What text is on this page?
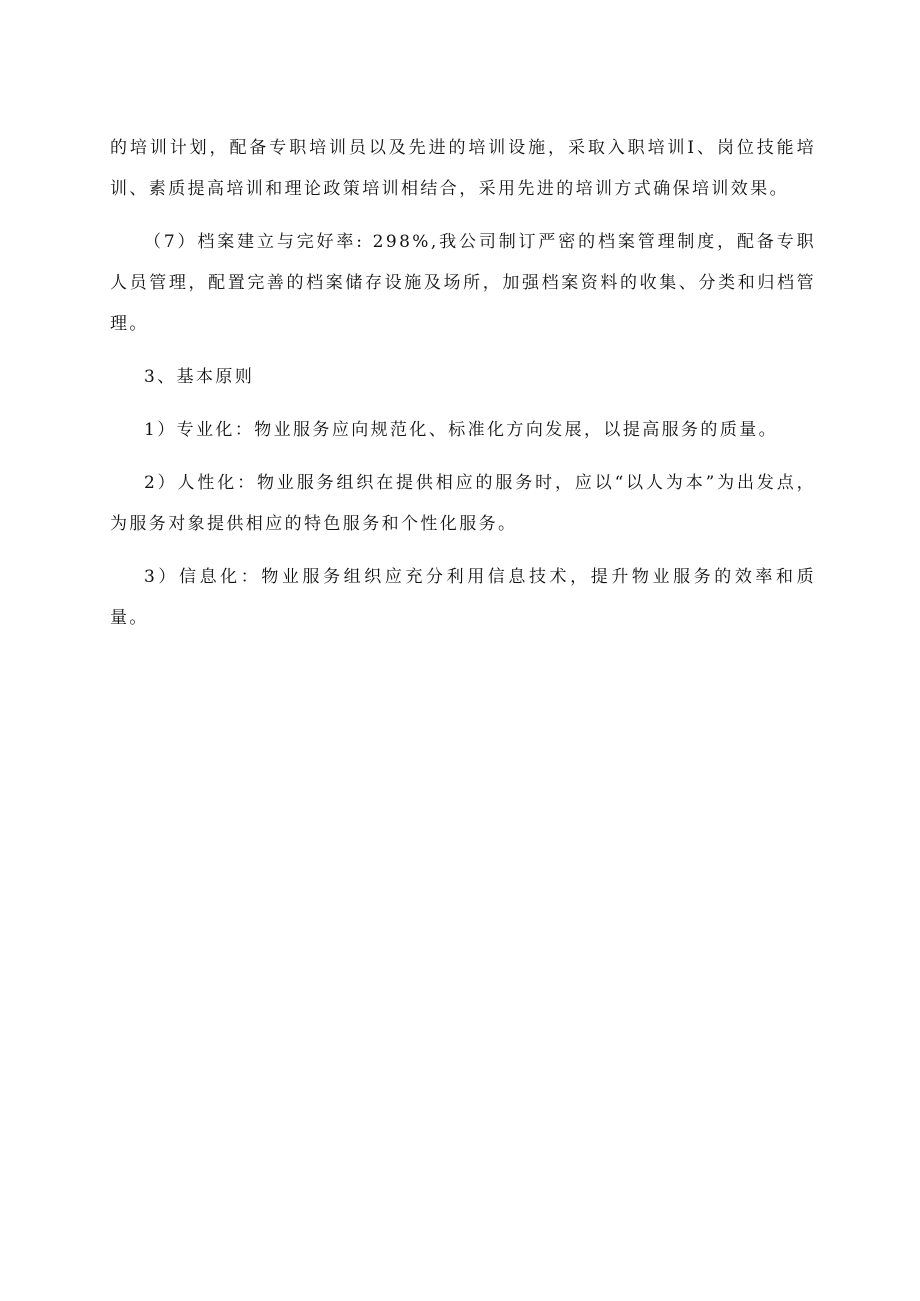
的培训计划，配备专职培训员以及先进的培训设施，采取入职培训I、岗位技能培训、素质提高培训和理论政策培训相结合，采用先进的培训方式确保培训效果。

（7）档案建立与完好率: 298%,我公司制订严密的档案管理制度，配备专职人员管理，配置完善的档案储存设施及场所，加强档案资料的收集、分类和归档管理。

3、基本原则

1）专业化：物业服务应向规范化、标准化方向发展，以提高服务的质量。

2）人性化：物业服务组织在提供相应的服务时，应以“以人为本”为出发点，为服务对象提供相应的特色服务和个性化服务。

3）信息化：物业服务组织应充分利用信息技术，提升物业服务的效率和质量。
